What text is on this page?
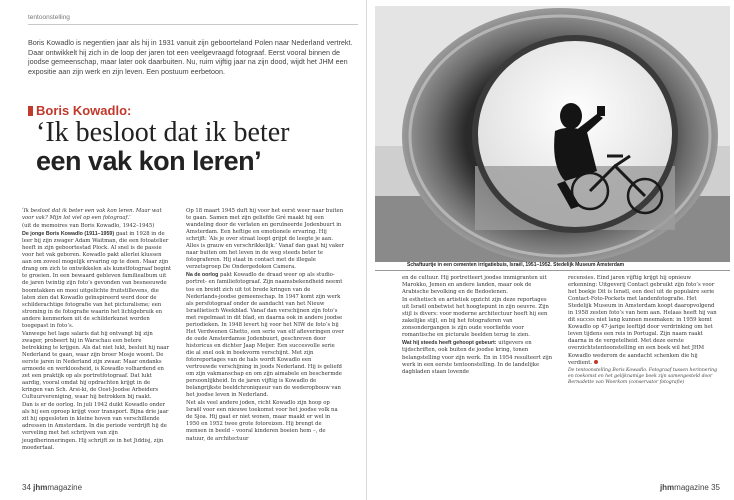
tentoonstelling
Boris Kowadlo is negentien jaar als hij in 1931 vanuit zijn geboorteland Polen naar Nederland vertrekt. Daar ontwikkelt hij zich in de loop der jaren tot een veelgevraagd fotograaf. Eerst vooral binnen de joodse gemeenschap, maar later ook daarbuiten. Nu, ruim vijftig jaar na zijn dood, wijdt het JHM een expositie aan zijn werk en zijn leven. Een postuum eerbetoon.
Boris Kowadlo:
‘Ik besloot dat ik beter
een vak kon leren’

‘Ik besloot dat ik beter een vak kon leren. Maar wat voor vak? Mijn lot viel op een fotograaf.’

(uit de memoires van Boris Kowadlo, 1942–1945)

De jonge Boris Kowadlo (1911–1959) gaat in 1928 in de leer bij zijn zwager Adam Waitman, die een fotoatelier heeft in zijn geboortestad Plock. Al snel is de passie voor het vak geboren. Kowadlo pakt allerlei klussen aan om zoveel mogelijk ervaring op te doen. Maar zijn drang om zich te ontwikkelen als kunstfotograaf begint te groeien. In een bewaard gebleven familiealbum uit de jaren twintig zijn foto’s gevonden van besneeuwde boomtakken en mooi uitgelichte fruitstillevens, die laten zien dat Kowadlo geïnspireerd werd door de schilderachtige fotografie van het picturalisme; een stroming in de fotografie waarin het lichtgebruik en andere kenmerken uit de schilderkunst worden toegepast in foto’s.

Vanwege het lage salaris dat hij ontvangt bij zijn zwager, probeert hij in Warschau een betere betrekking te krijgen. Als dat niet lukt, besluit hij naar Nederland te gaan, waar zijn broer Mosje woont. De eerste jaren in Nederland zijn zwaar. Maar ondanks armoede en werkloosheid, is Kowadlo volhardend en zet een praktijk op als portretfotograaf. Dat lukt aardig, vooral omdat hij opdrachten krijgt in de kringen van Sch. Arsi-ki, de Oost-Joodse Arbeiders Cultuurvereniging, waar hij betrokken bij raakt.

Dan is er de oorlog. In juli 1942 duikt Kowadlo onder als hij een oproep krijgt voor transport. Bijna drie jaar zit hij opgesloten in kleine hoven van verschillende adressen in Amsterdam. In die periode verdrijft hij de verveling met het schrijven van zijn jeugdherinneringen. Hij schrijft ze in het Jiddisj, zijn moedertaal.

Op 18 maart 1945 duft hij voor het eerst weer naar buiten te gaan. Samen met zijn geliefde Gré maakt hij een wandeling door de verlaten en geruïneerde Jodenbuurt in Amsterdam. Een heftige en emotionele ervaring. Hij schrijft: ‘Als je over straat loopt grijpt de leegte je aan. Alles is grauw en verschrikkelijk.’ Vanaf dan gaat hij vaker naar buiten om het leven in de weg steeds beter te fotograferen. Hij staat in contact met de illegale verzetsgroep De Ondergedoken Camera.

Na de oorlog pakt Kowadlo de draad weer op als studio-portret- en familiefotograaf. Zijn naamsbekendheid neemt toe en breidt zich uit tot brede kringen van de Nederlands-joodse gemeenschap. In 1947 komt zijn werk als persfotograaf onder de aandacht van het Nieuw Israëlietisch Weekblad. Vanaf dan verschijnen zijn foto’s met regelmaat in dit blad, en daarna ook in andere joodse periodieken. In 1948 levert hij voor het NIW de foto’s bij Het Verdwenen Ghetto, een serie van elf afleveringen over de oude Amsterdamse Jodenbuurt, geschreven door historicus en dichter Jaap Meijer. Een succesvolle serie die al snel ook in boekvorm verschijnt. Met zijn fotoreportages van de hals wordt Kowadlo een vertrouwde verschijning in joods Nederland. Hij is geliefd om zijn vakmanschap en om zijn aimabele en beschermde persoonlijkheid. In de jaren vijftig is Kowadlo de belangrijkste beeldchroniqueur van de wederopbouw van het joodse leven in Nederland.

Net als veel andere joden, richt Kowadlo zijn hoop op Israël voor een nieuwe toekomst voor het joodse volk na de Sjoa. Hij gaat er niet wonen, maar maakt er wel in 1950 en 1952 twee grote fotoreizen. Hij brengt de mensen in beeld – vooral kinderen boeien hem –, de natuur, de architectuur

34 jhmmagazine
Schaftuurtje in een cementen irrigatiebuis, Israël, 1951–1952. Stedelijk Museum Amsterdam

en de cultuur. Hij portretteert joodse immigranten uit Marokko, Jemen en andere landen, maar ook de Arabische bevolking en de Bedoeïenen.

In esthetisch en artistiek opzicht zijn deze reportages uit Israël onbetwist het hoogtepunt in zijn oeuvre. Zijn stijl is divers: voor moderne architectuur heeft hij een zakelijke stijl, en bij het fotograferen van zonsondergangen is zijn oude voorliefde voor romantische en picturale beelden terug te zien.

Wat hij steeds heeft gehoopt gebeurt: uitgevers en tijdschriften, ook buiten de joodse kring, tonen belangstelling voor zijn werk. En in 1954 resulteert zijn werk in een eerste tentoonstelling. In de landelijke dagbladen staan lovende

recensies. Eind jaren vijftig krijgt hij opnieuw erkenning: Uitgeverij Contact gebruikt zijn foto’s voor het boekje Dit is Israël, een deel uit de populaire serie Contact-Foto-Pockets met landenfotografie. Het Stedelijk Museum in Amsterdam koopt daaropvolgend in 1958 zesten foto’s van hem aan. Helaas heeft hij van dit succes niet lang kunnen meemaken: in 1959 komt Kowadlo op 47-jarige leeftijd door verdrinking om het leven tijdens een reis in Portugal. Zijn naam raakt daarna in de vergetelheid. Met deze eerste overzichtstentoonstelling en een boek wil het JHM Kowadlo wederom de aandacht schenken die hij verdient.

De tentoonstelling Boris Kowadlo. Fotograaf tussen herinnering en toekomst en het gelijknamige boek zijn samengesteld door Bernadette van Woerkom (conservator fotografie)

jhmmagazine 35
